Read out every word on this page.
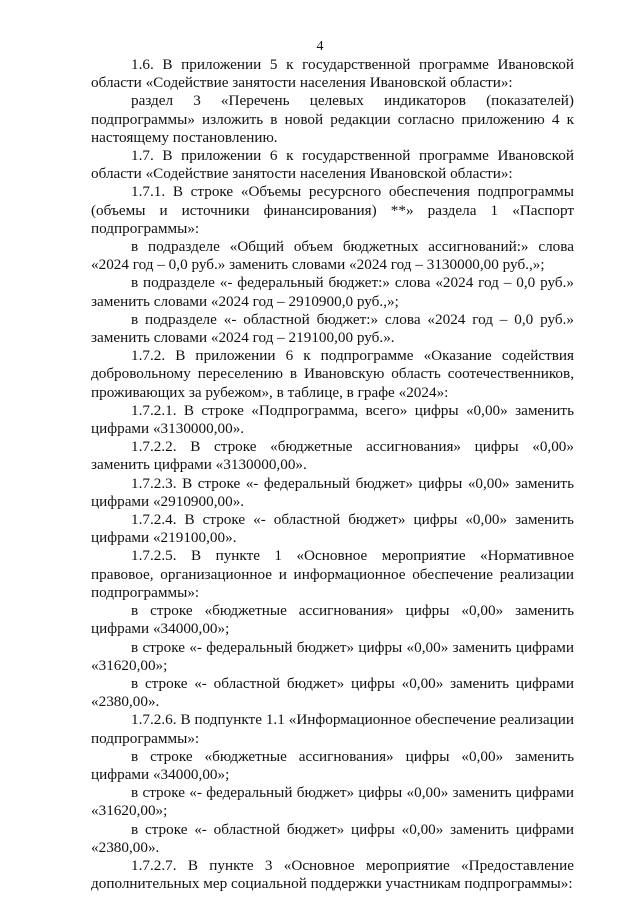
4

1.6. В приложении 5 к государственной программе Ивановской области «Содействие занятости населения Ивановской области»:

раздел 3 «Перечень целевых индикаторов (показателей) подпрограммы» изложить в новой редакции согласно приложению 4 к настоящему постановлению.

1.7. В приложении 6 к государственной программе Ивановской области «Содействие занятости населения Ивановской области»:

1.7.1. В строке «Объемы ресурсного обеспечения подпрограммы (объемы и источники финансирования) **» раздела 1 «Паспорт подпрограммы»:

в подразделе «Общий объем бюджетных ассигнований:» слова «2024 год – 0,0 руб.» заменить словами «2024 год – 3130000,00 руб.,»;

в подразделе «- федеральный бюджет:» слова «2024 год – 0,0 руб.» заменить словами «2024 год – 2910900,0 руб.,»;

в подразделе «- областной бюджет:» слова «2024 год – 0,0 руб.» заменить словами «2024 год – 219100,00 руб.».

1.7.2. В приложении 6 к подпрограмме «Оказание содействия добровольному переселению в Ивановскую область соотечественников, проживающих за рубежом», в таблице, в графе «2024»:

1.7.2.1. В строке «Подпрограмма, всего» цифры «0,00» заменить цифрами «3130000,00».

1.7.2.2. В строке «бюджетные ассигнования» цифры «0,00» заменить цифрами «3130000,00».

1.7.2.3. В строке «- федеральный бюджет» цифры «0,00» заменить цифрами «2910900,00».

1.7.2.4. В строке «- областной бюджет» цифры «0,00» заменить цифрами «219100,00».

1.7.2.5. В пункте 1 «Основное мероприятие «Нормативное правовое, организационное и информационное обеспечение реализации подпрограммы»:

в строке «бюджетные ассигнования» цифры «0,00» заменить цифрами «34000,00»;

в строке «- федеральный бюджет» цифры «0,00» заменить цифрами «31620,00»;

в строке «- областной бюджет» цифры «0,00» заменить цифрами «2380,00».

1.7.2.6. В подпункте 1.1 «Информационное обеспечение реализации подпрограммы»:

в строке «бюджетные ассигнования» цифры «0,00» заменить цифрами «34000,00»;

в строке «- федеральный бюджет» цифры «0,00» заменить цифрами «31620,00»;

в строке «- областной бюджет» цифры «0,00» заменить цифрами «2380,00».

1.7.2.7. В пункте 3 «Основное мероприятие «Предоставление дополнительных мер социальной поддержки участникам подпрограммы»:
